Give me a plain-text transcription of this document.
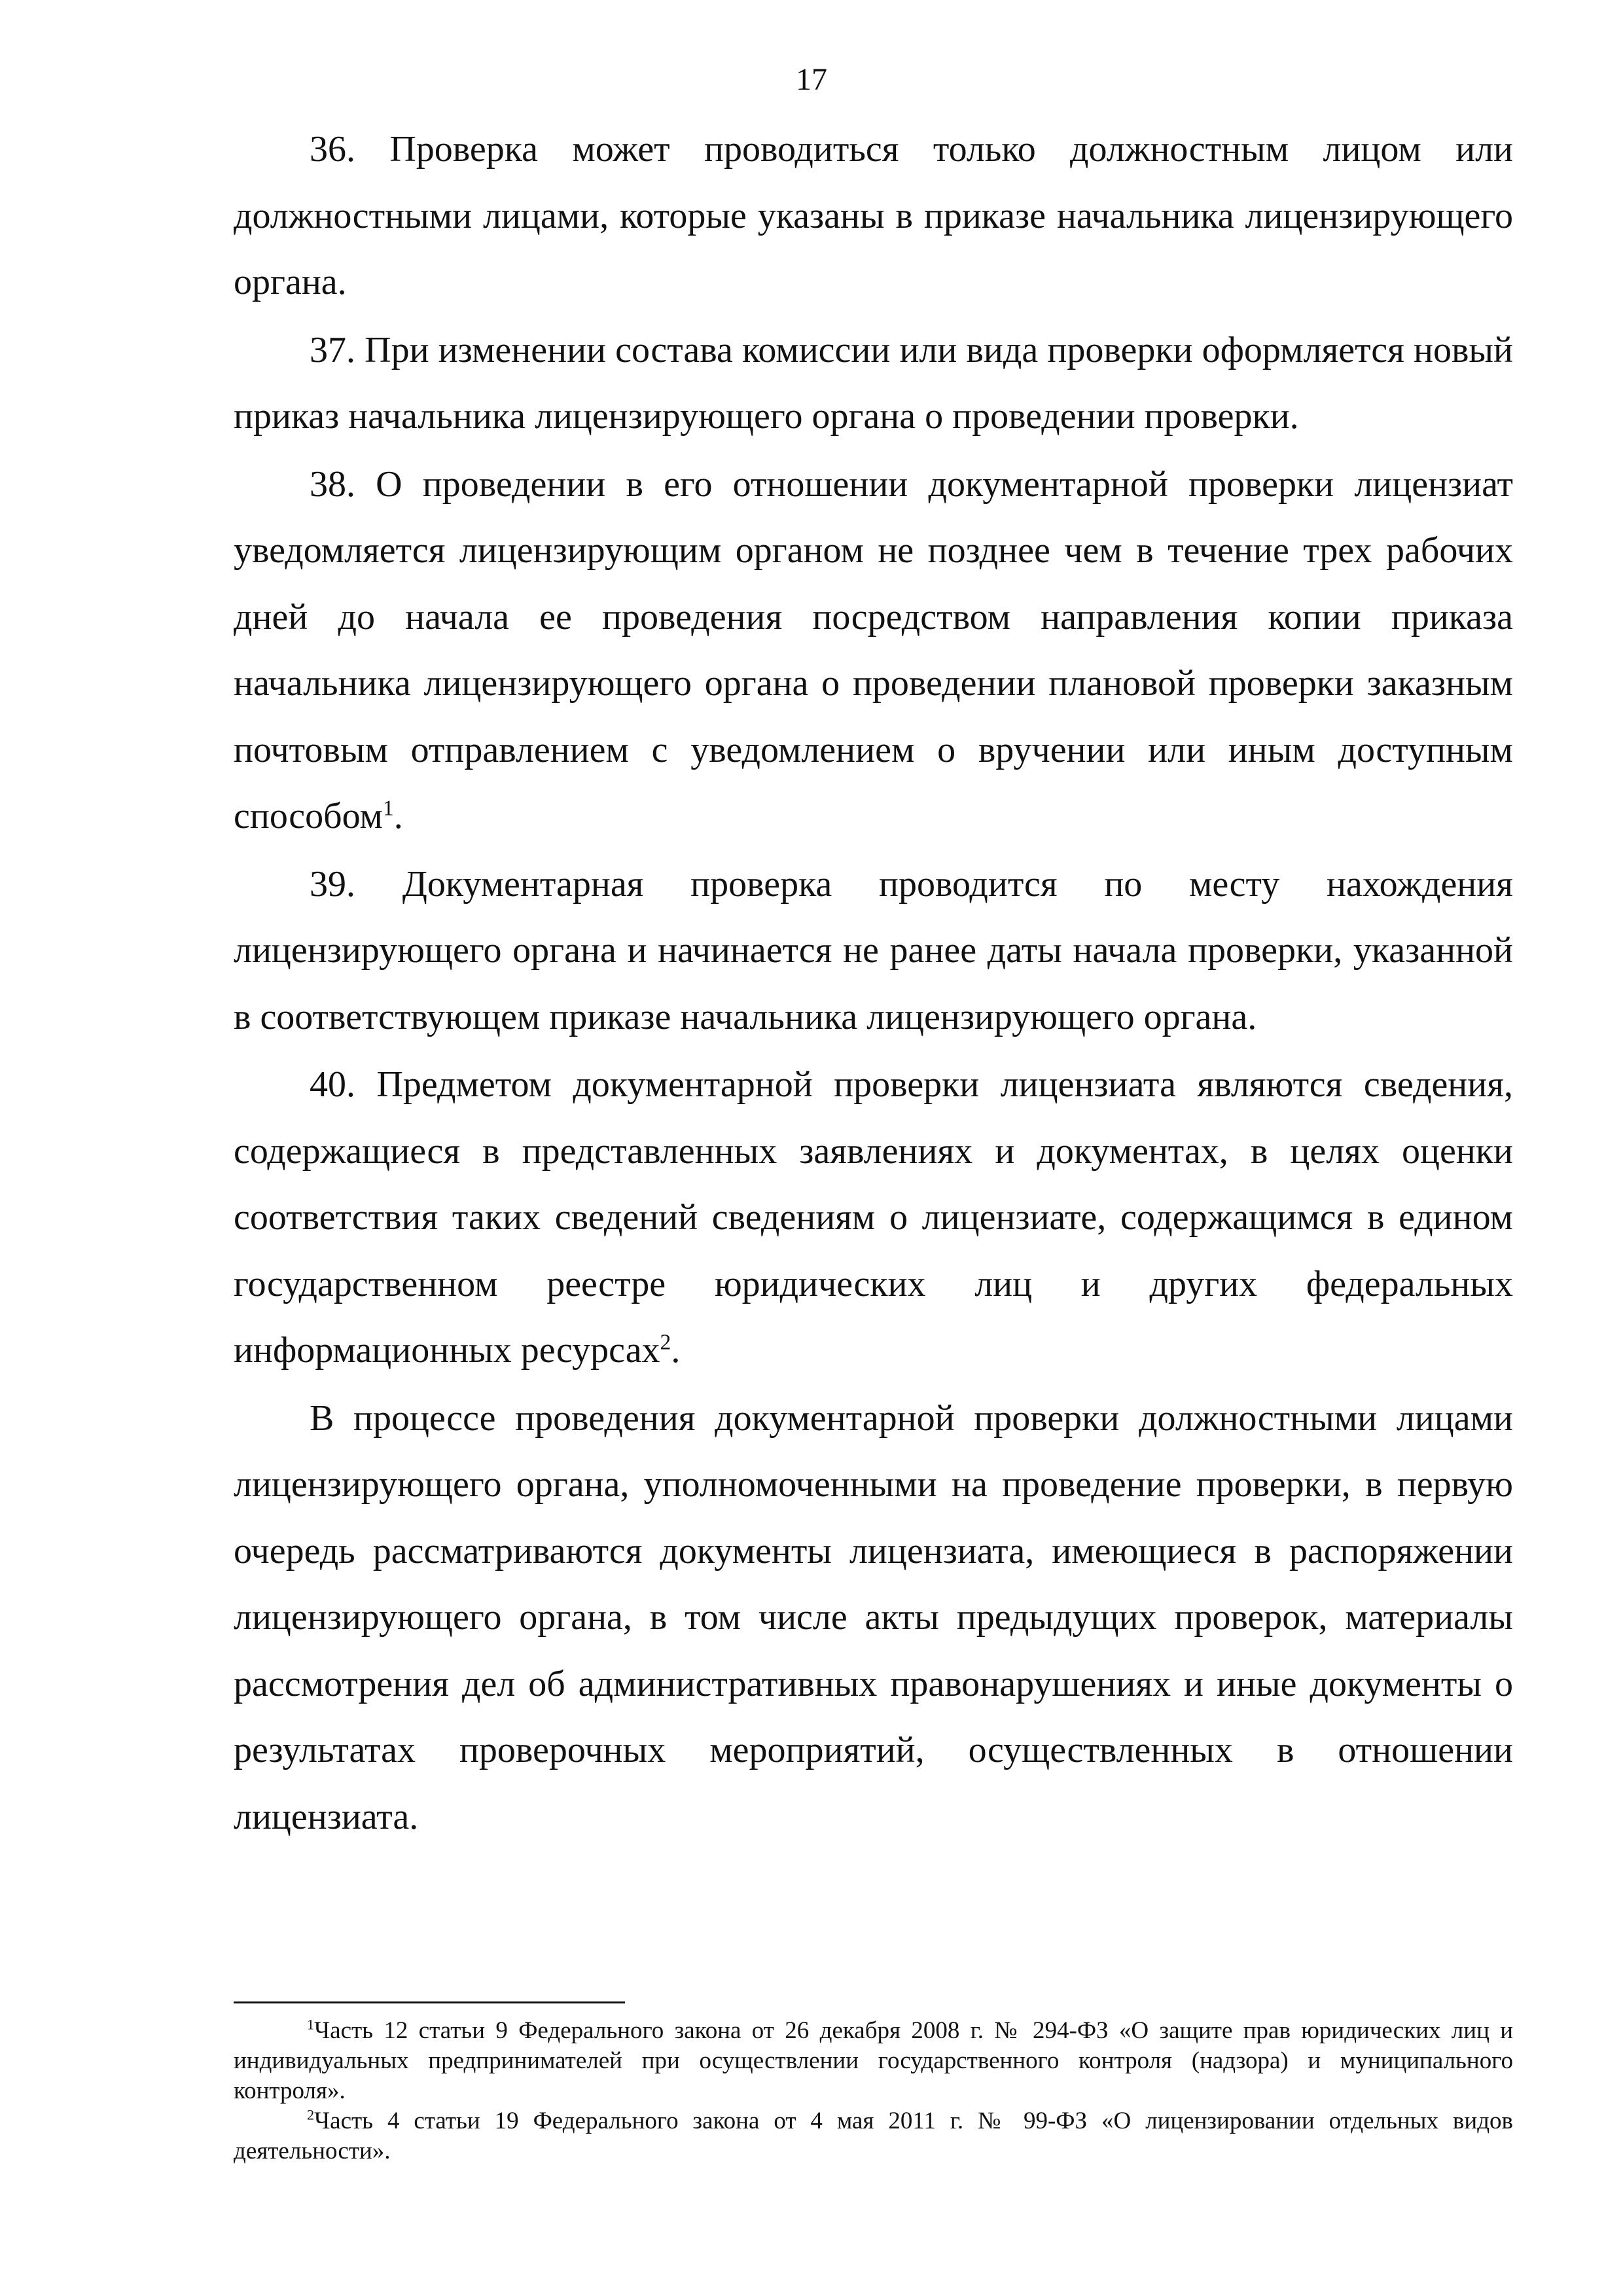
17

36. Проверка может проводиться только должностным лицом или должностными лицами, которые указаны в приказе начальника лицензирующего органа.

37. При изменении состава комиссии или вида проверки оформляется новый приказ начальника лицензирующего органа о проведении проверки.

38. О проведении в его отношении документарной проверки лицензиат уведомляется лицензирующим органом не позднее чем в течение трех рабочих дней до начала ее проведения посредством направления копии приказа начальника лицензирующего органа о проведении плановой проверки заказным почтовым отправлением с уведомлением о вручении или иным доступным способом$^1$.

39. Документарная проверка проводится по месту нахождения лицензирующего органа и начинается не ранее даты начала проверки, указанной в соответствующем приказе начальника лицензирующего органа.

40. Предметом документарной проверки лицензиата являются сведения, содержащиеся в представленных заявлениях и документах, в целях оценки соответствия таких сведений сведениям о лицензиате, содержащимся в едином государственном реестре юридических лиц и других федеральных информационных ресурсах$^2$.

В процессе проведения документарной проверки должностными лицами лицензирующего органа, уполномоченными на проведение проверки, в первую очередь рассматриваются документы лицензиата, имеющиеся в распоряжении лицензирующего органа, в том числе акты предыдущих проверок, материалы рассмотрения дел об административных правонарушениях и иные документы о результатах проверочных мероприятий, осуществленных в отношении лицензиата.

$^1$Часть 12 статьи 9 Федерального закона от 26 декабря 2008 г. № 294-ФЗ «О защите прав юридических лиц и индивидуальных предпринимателей при осуществлении государственного контроля (надзора) и муниципального контроля».

$^2$Часть 4 статьи 19 Федерального закона от 4 мая 2011 г. № 99-ФЗ «О лицензировании отдельных видов деятельности».
